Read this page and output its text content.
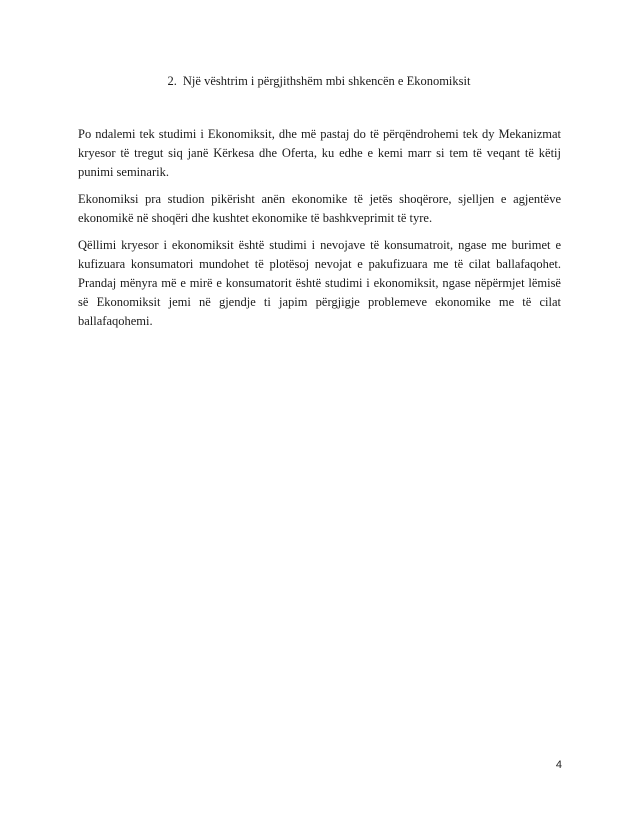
2. Një vështrim i përgjithshëm mbi shkencën e Ekonomiksit

Po ndalemi tek studimi i Ekonomiksit, dhe më pastaj do të përqëndrohemi tek dy Mekanizmat kryesor të tregut siq janë Kërkesa dhe Oferta, ku edhe e kemi marr si tem të veqant të këtij punimi seminarik.

Ekonomiksi pra studion pikërisht anën ekonomike të jetës shoqërore, sjelljen e agjentëve ekonomikë në shoqëri dhe kushtet ekonomike të bashkveprimit të tyre.

Qëllimi kryesor i ekonomiksit është studimi i nevojave të konsumatroit, ngase me burimet e kufizuara konsumatori mundohet të plotësoj nevojat e pakufizuara me të cilat ballafaqohet. Prandaj mënyra më e mirë e konsumatorit është studimi i ekonomiksit, ngase nëpërmjet lëmisë së Ekonomiksit jemi në gjendje ti japim përgjigje problemeve ekonomike me të cilat ballafaqohemi.

4
